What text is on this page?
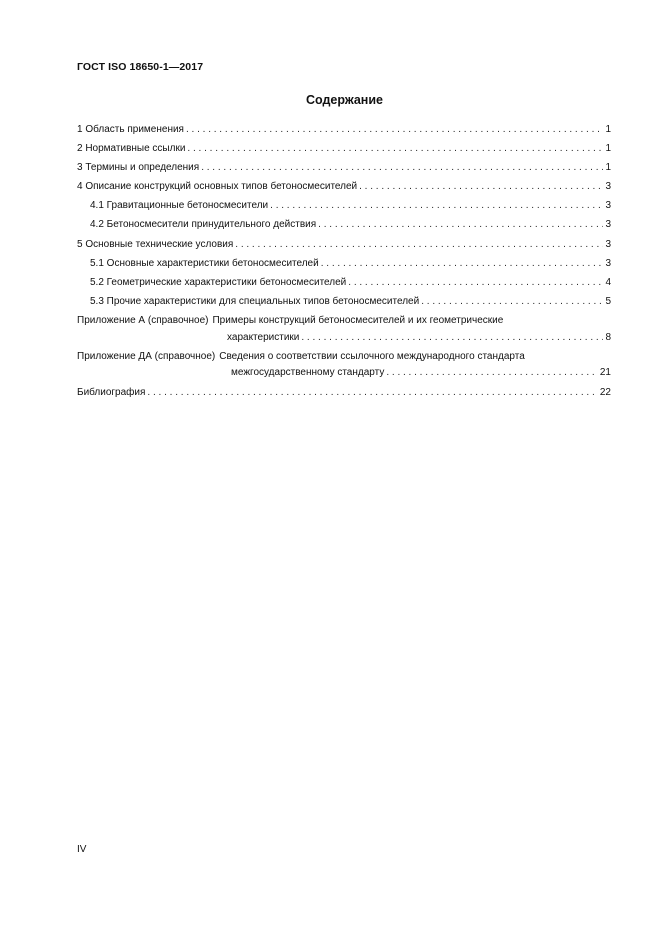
ГОСТ ISO 18650-1—2017
Содержание
1 Область применения . . .	1
2 Нормативные ссылки . . .	1
3 Термины и определения . . .	1
4 Описание конструкций основных типов бетоносмесителей . . .	3
4.1 Гравитационные бетоносмесители . . .	3
4.2 Бетоносмесители принудительного действия . . .	3
5 Основные технические условия . . .	3
5.1 Основные характеристики бетоносмесителей . . .	3
5.2 Геометрические характеристики бетоносмесителей . . .	4
5.3 Прочие характеристики для специальных типов бетоносмесителей . . .	5
Приложение А (справочное) Примеры конструкций бетоносмесителей и их геометрические
характеристики . . .	8
Приложение ДА (справочное) Сведения о соответствии ссылочного международного стандарта
межгосударственному стандарту . . .	21
Библиография . . .	22
IV
